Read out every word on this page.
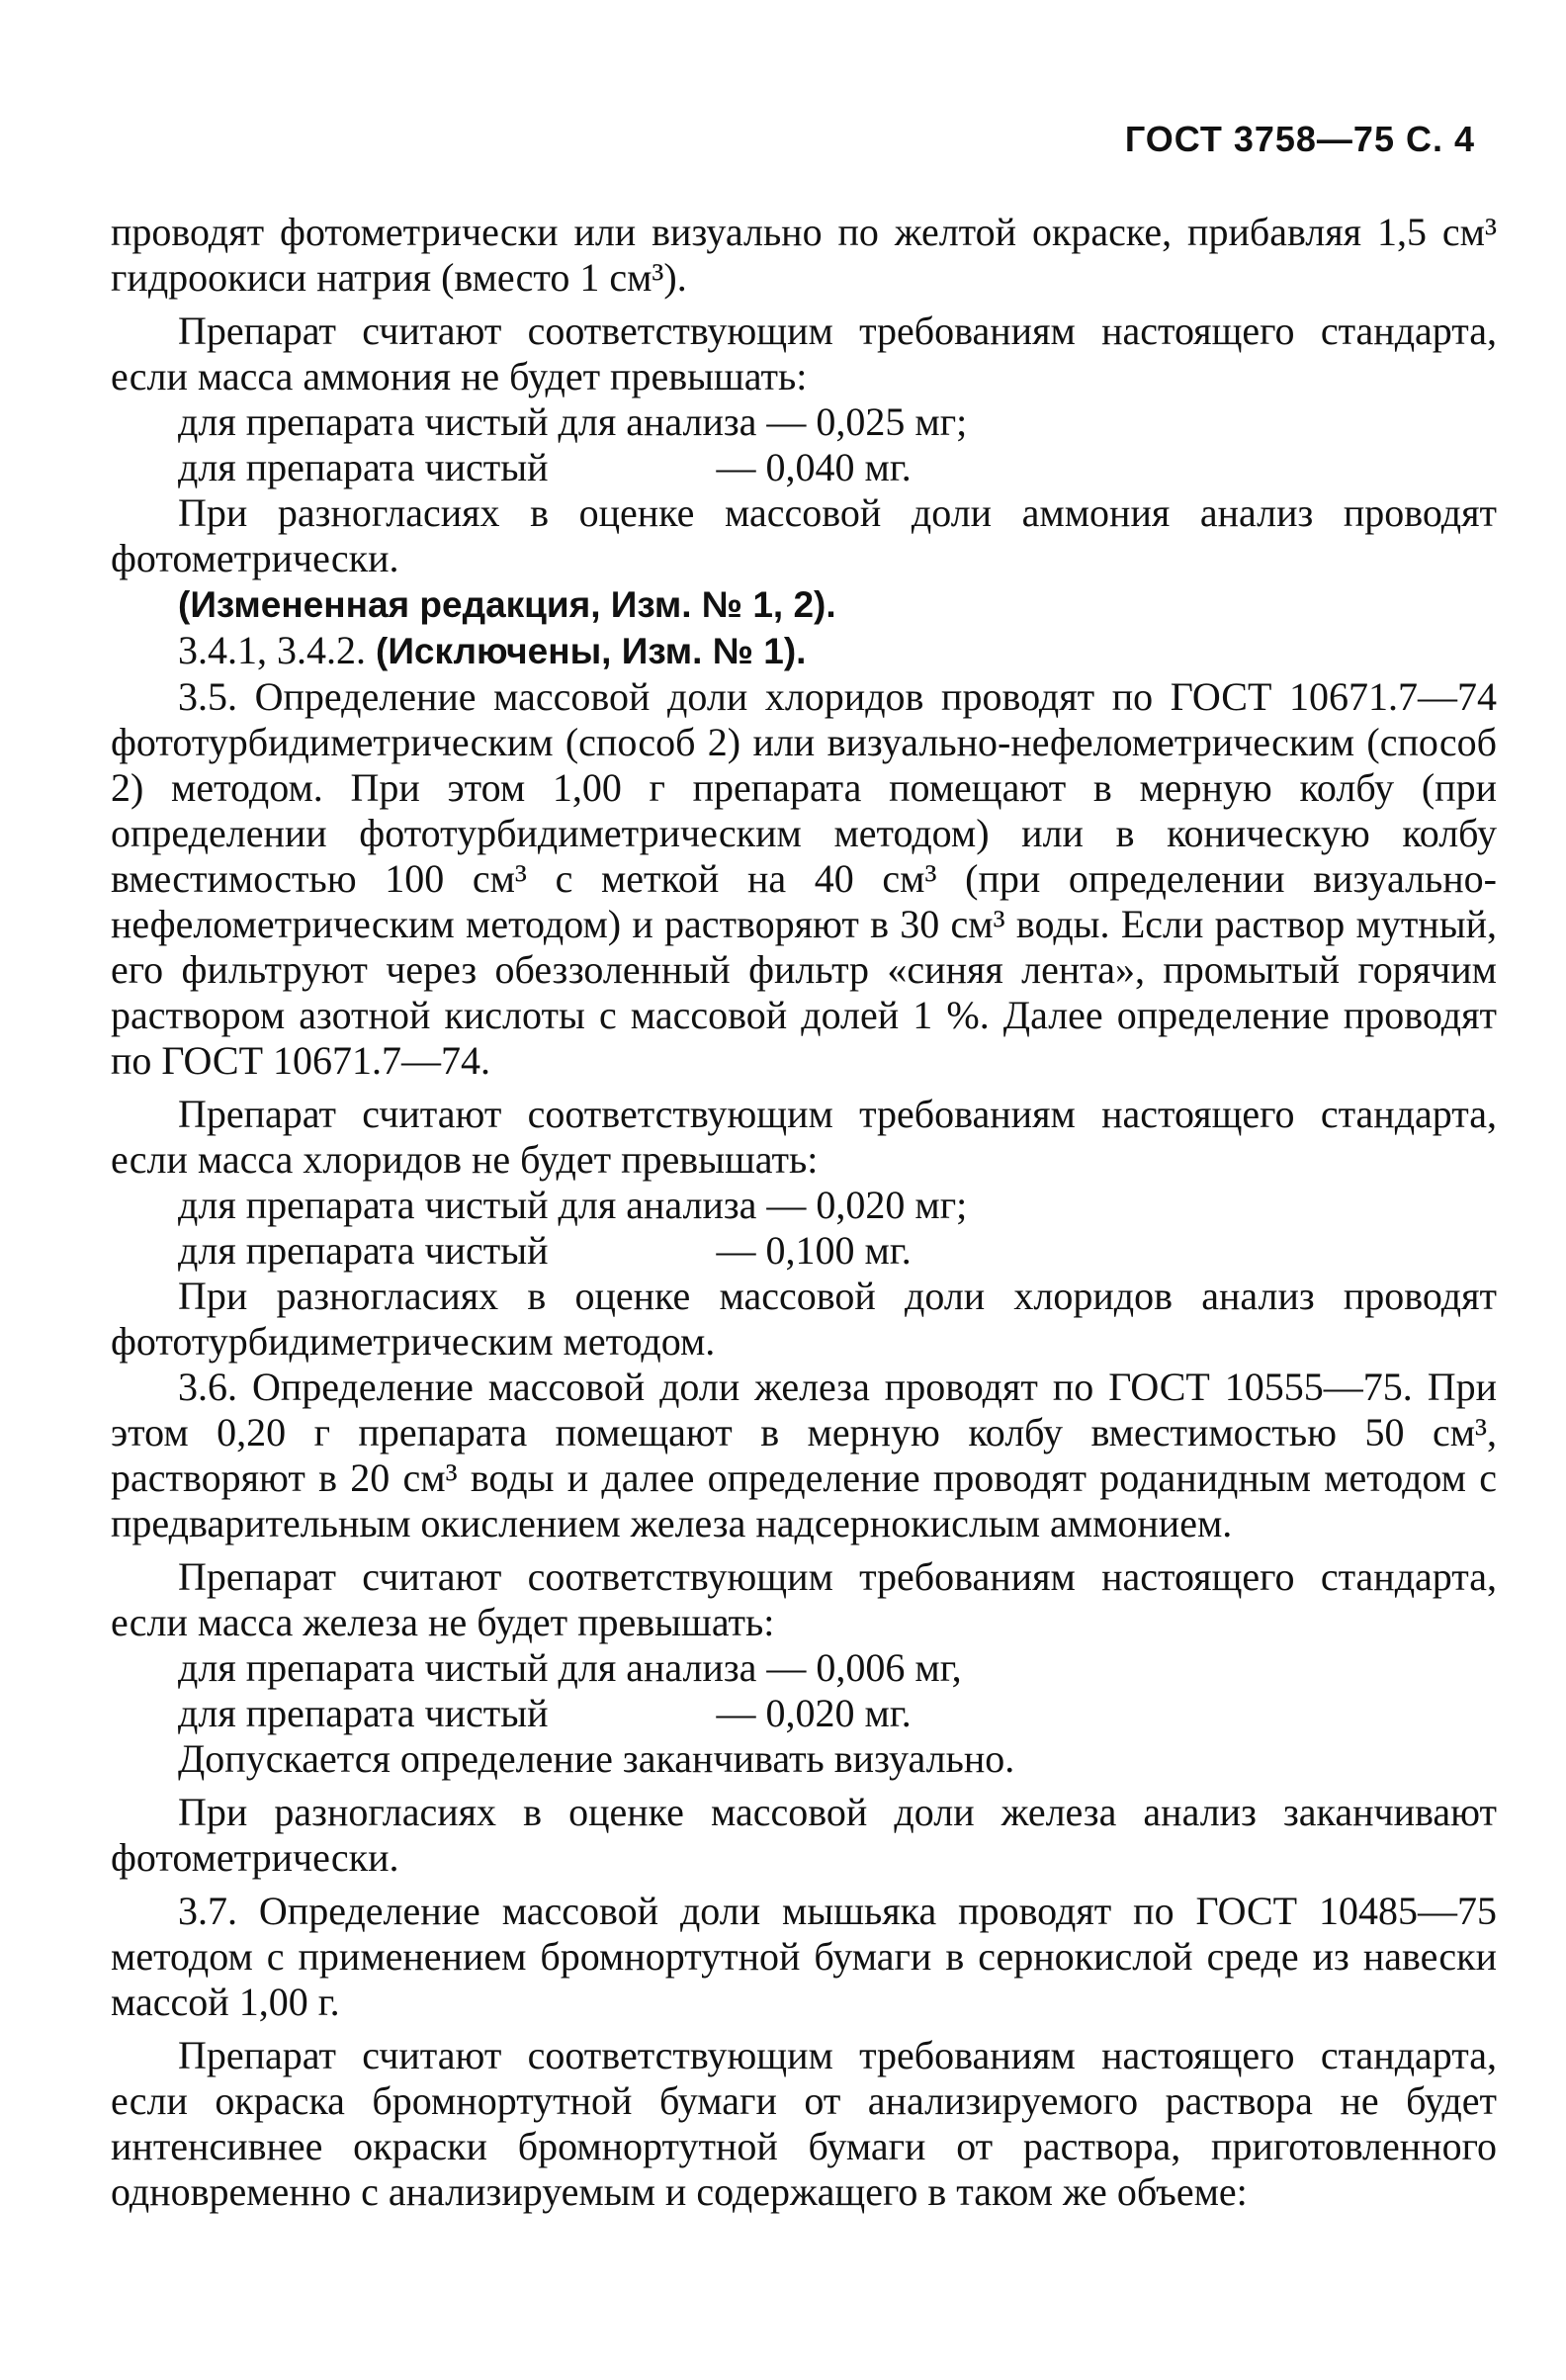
ГОСТ 3758—75 С. 4

проводят фотометрически или визуально по желтой окраске, прибавляя 1,5 см³ гидроокиси натрия (вместо 1 см³).

Препарат считают соответствующим требованиям настоящего стандарта, если масса аммония не будет превышать:

для препарата чистый для анализа — 0,025 мг;

для препарата чистый                 — 0,040 мг.

При разногласиях в оценке массовой доли аммония анализ проводят фотометрически.

(Измененная редакция, Изм. № 1, 2).

3.4.1, 3.4.2. (Исключены, Изм. № 1).

3.5. Определение массовой доли хлоридов проводят по ГОСТ 10671.7—74 фототурбидиметрическим (способ 2) или визуально-нефелометрическим (способ 2) методом. При этом 1,00 г препарата помещают в мерную колбу (при определении фототурбидиметрическим методом) или в коническую колбу вместимостью 100 см³ с меткой на 40 см³ (при определении визуально-нефелометрическим методом) и растворяют в 30 см³ воды. Если раствор мутный, его фильтруют через обеззоленный фильтр «синяя лента», промытый горячим раствором азотной кислоты с массовой долей 1 %. Далее определение проводят по ГОСТ 10671.7—74.

Препарат считают соответствующим требованиям настоящего стандарта, если масса хлоридов не будет превышать:

для препарата чистый для анализа — 0,020 мг;

для препарата чистый                 — 0,100 мг.

При разногласиях в оценке массовой доли хлоридов анализ проводят фототурбидиметрическим методом.

3.6. Определение массовой доли железа проводят по ГОСТ 10555—75. При этом 0,20 г препарата помещают в мерную колбу вместимостью 50 см³, растворяют в 20 см³ воды и далее определение проводят роданидным методом с предварительным окислением железа надсернокислым аммонием.

Препарат считают соответствующим требованиям настоящего стандарта, если масса железа не будет превышать:

для препарата чистый для анализа — 0,006 мг,

для препарата чистый                 — 0,020 мг.

Допускается определение заканчивать визуально.

При разногласиях в оценке массовой доли железа анализ заканчивают фотометрически.

3.7. Определение массовой доли мышьяка проводят по ГОСТ 10485—75 методом с применением бромнортутной бумаги в сернокислой среде из навески массой 1,00 г.

Препарат считают соответствующим требованиям настоящего стандарта, если окраска бромнортутной бумаги от анализируемого раствора не будет интенсивнее окраски бромнортутной бумаги от раствора, приготовленного одновременно с анализируемым и содержащего в таком же объеме:
